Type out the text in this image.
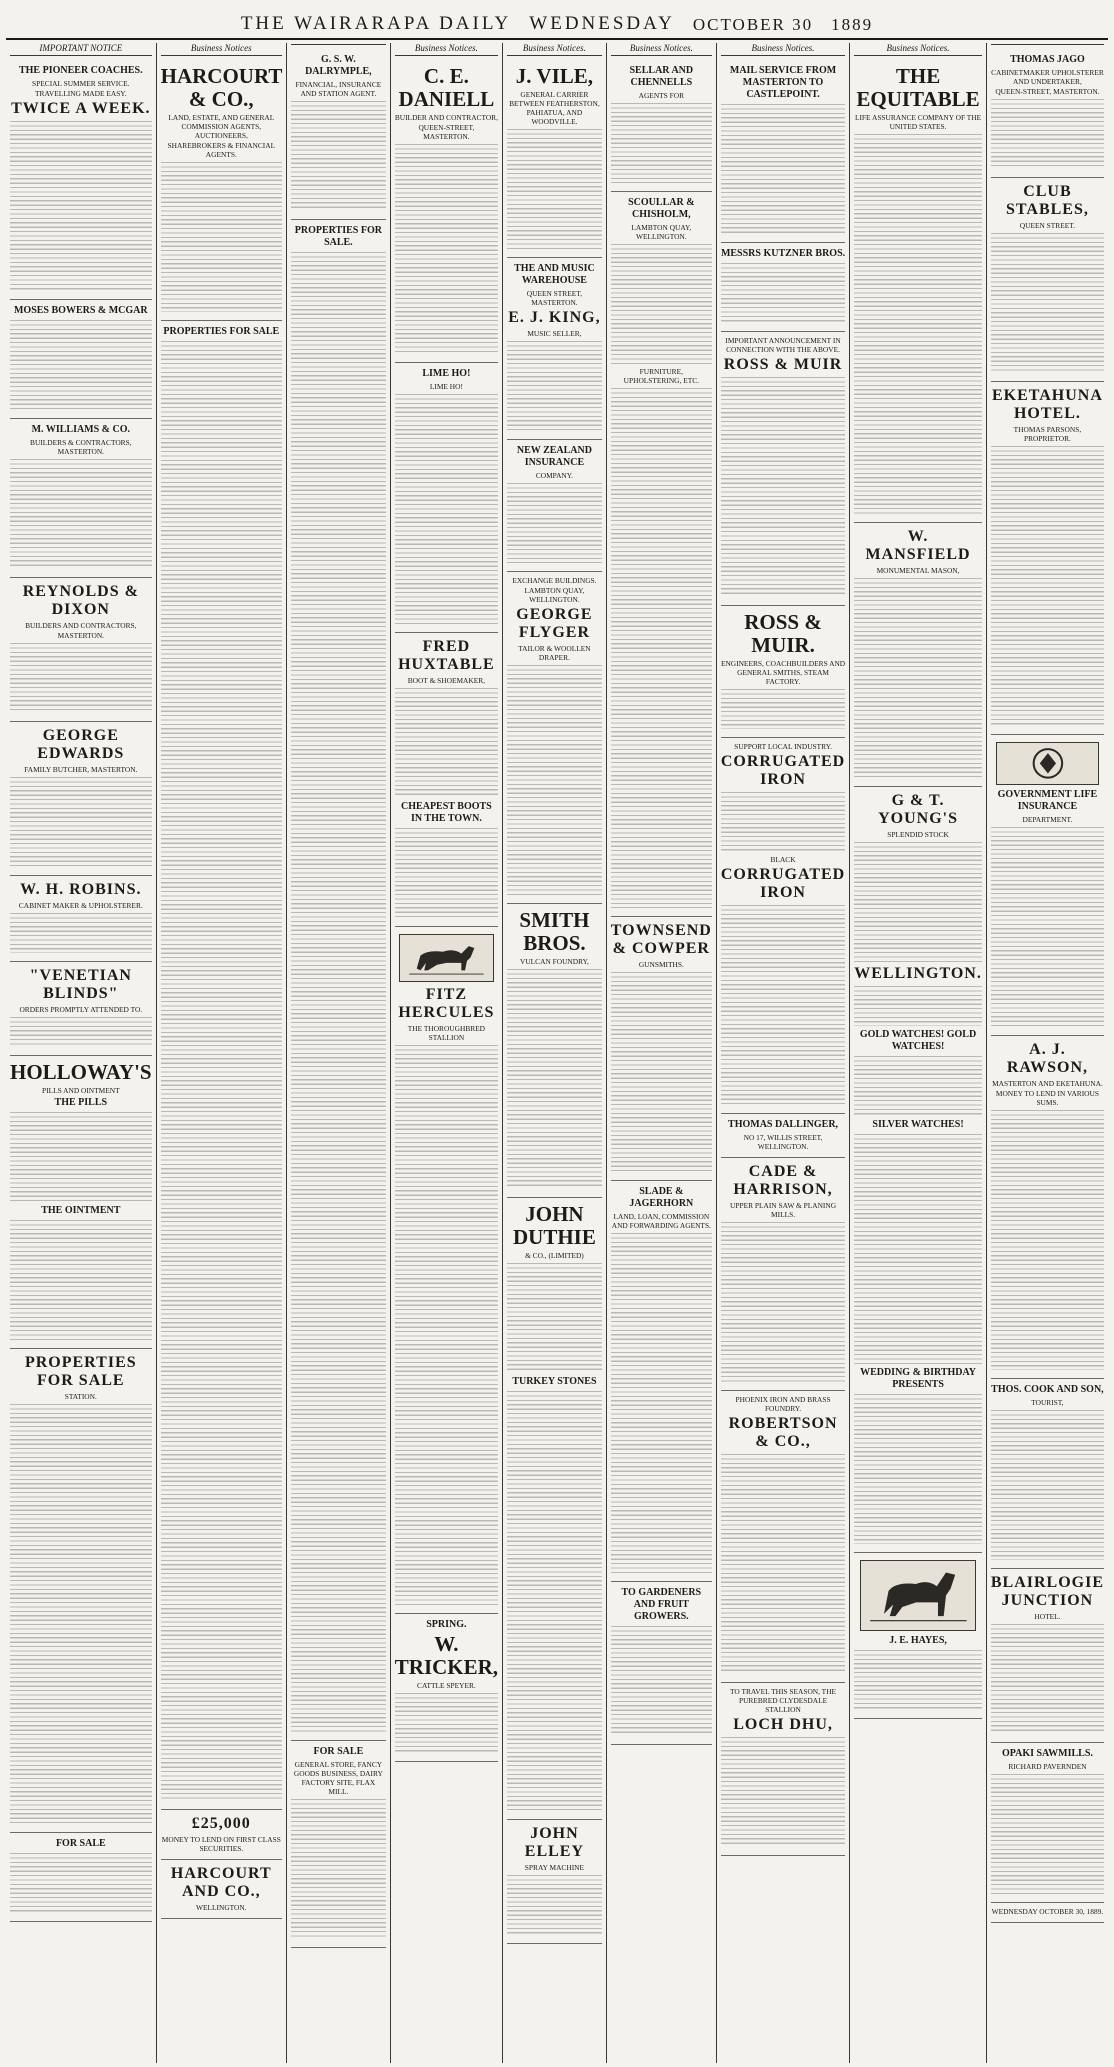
THE WAIRARAPA DAILY WEDNESDAY OCTOBER 30 1889
IMPORTANT NOTICE
THE PIONEER COACHES.
SPECIAL SUMMER SERVICE.
TRAVELLING MADE EASY.
TWICE A WEEK.
MOSES BOWERS & MCGAR
M. WILLIAMS & CO.
BUILDERS & CONTRACTORS, MASTERTON.
REYNOLDS & DIXON
BUILDERS AND CONTRACTORS,
MASTERTON.
GEORGE EDWARDS
FAMILY BUTCHER, MASTERTON.
W. H. ROBINS.
CABINET MAKER & UPHOLSTERER.
"VENETIAN BLINDS"
ORDERS PROMPTLY ATTENDED TO.
HOLLOWAY'S
PILLS AND OINTMENT
THE PILLS
THE OINTMENT
PROPERTIES FOR SALE
STATION.
FOR SALE
Business Notices
HARCOURT & CO.,
LAND, ESTATE, AND GENERAL COMMISSION AGENTS, AUCTIONEERS,
SHAREBROKERS & FINANCIAL AGENTS.
PROPERTIES FOR SALE
£25,000
MONEY TO LEND ON FIRST CLASS SECURITIES.
HARCOURT AND CO.,
WELLINGTON.
G. S. W. DALRYMPLE,
FINANCIAL, INSURANCE AND STATION AGENT.
PROPERTIES FOR SALE.
FOR SALE
GENERAL STORE, FANCY GOODS BUSINESS, DAIRY FACTORY SITE, FLAX MILL.
Business Notices.
C. E. DANIELL
BUILDER AND CONTRACTOR,
QUEEN-STREET, MASTERTON.
LIME HO!
LIME HO!
FRED HUXTABLE
BOOT & SHOEMAKER,
CHEAPEST BOOTS IN THE TOWN.
FITZ HERCULES
THE THOROUGHBRED STALLION
SPRING.
W. TRICKER,
CATTLE SPEYER.
Business Notices.
J. VILE,
GENERAL CARRIER BETWEEN FEATHERSTON, PAHIATUA, AND WOODVILLE.
THE AND MUSIC WAREHOUSE
QUEEN STREET, MASTERTON.
E. J. KING,
MUSIC SELLER,
NEW ZEALAND INSURANCE
COMPANY.
EXCHANGE BUILDINGS.
LAMBTON QUAY, WELLINGTON.
GEORGE FLYGER
TAILOR & WOOLLEN DRAPER.
SMITH BROS.
VULCAN FOUNDRY,
JOHN DUTHIE
& CO., (LIMITED)
TURKEY STONES
JOHN ELLEY
SPRAY MACHINE
Business Notices.
SELLAR AND CHENNELLS
AGENTS FOR
SCOULLAR & CHISHOLM,
LAMBTON QUAY, WELLINGTON.
FURNITURE, UPHOLSTERING, ETC.
TOWNSEND & COWPER
GUNSMITHS.
SLADE & JAGERHORN
LAND, LOAN, COMMISSION AND FORWARDING AGENTS.
TO GARDENERS AND FRUIT GROWERS.
Business Notices.
MAIL SERVICE FROM MASTERTON TO CASTLEPOINT.
MESSRS KUTZNER BROS.
IMPORTANT ANNOUNCEMENT IN CONNECTION WITH THE ABOVE.
ROSS & MUIR
ROSS & MUIR.
ENGINEERS, COACHBUILDERS AND GENERAL SMITHS, STEAM FACTORY.
SUPPORT LOCAL INDUSTRY.
CORRUGATED IRON
BLACK
CORRUGATED IRON
THOMAS DALLINGER,
NO 17, WILLIS STREET, WELLINGTON.
CADE & HARRISON,
UPPER PLAIN SAW & PLANING MILLS.
PHOENIX IRON AND BRASS FOUNDRY.
ROBERTSON & CO.,
TO TRAVEL THIS SEASON, THE PUREBRED CLYDESDALE STALLION
LOCH DHU,
Business Notices.
THE EQUITABLE
LIFE ASSURANCE COMPANY OF THE UNITED STATES.
W. MANSFIELD
MONUMENTAL MASON,
G & T. YOUNG'S
SPLENDID STOCK
WELLINGTON.
GOLD WATCHES! GOLD WATCHES!
SILVER WATCHES!
WEDDING & BIRTHDAY PRESENTS
J. E. HAYES,
THOMAS JAGO
CABINETMAKER UPHOLSTERER AND UNDERTAKER,
QUEEN-STREET, MASTERTON.
CLUB STABLES,
QUEEN STREET.
EKETAHUNA HOTEL.
THOMAS PARSONS, PROPRIETOR.
GOVERNMENT LIFE INSURANCE
DEPARTMENT.
A. J. RAWSON,
MASTERTON AND EKETAHUNA.
MONEY TO LEND IN VARIOUS SUMS.
THOS. COOK AND SON,
TOURIST,
BLAIRLOGIE JUNCTION
HOTEL.
OPAKI SAWMILLS.
RICHARD PAVERNDEN
WEDNESDAY OCTOBER 30, 1889.
